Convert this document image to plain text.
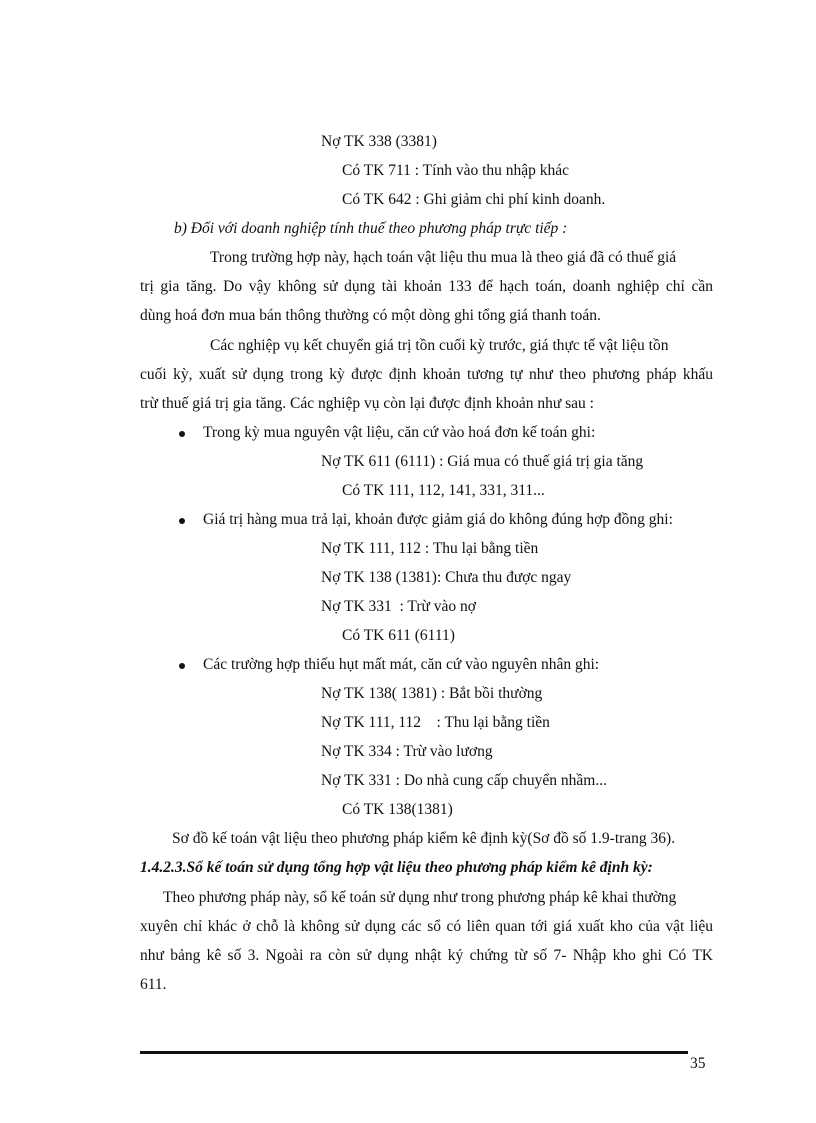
Nợ TK 338 (3381)
Có TK 711 : Tính vào thu nhập khác
Có TK 642 : Ghi giảm chi phí kinh doanh.
b) Đối với doanh nghiệp tính thuế theo phương pháp trực tiếp :
Trong trường hợp này, hạch toán vật liệu thu mua là theo giá đã có thuế giá
trị gia tăng. Do vậy không sử dụng tài khoản 133 để hạch toán, doanh nghiệp chỉ cần
dùng hoá đơn mua bán thông thường có một dòng ghi tổng giá thanh toán.
Các nghiệp vụ kết chuyển giá trị tồn cuối kỳ trước, giá thực tế vật liệu tồn
cuối kỳ, xuất sử dụng trong kỳ được định khoản tương tự như theo phương pháp khấu
trừ thuế giá trị gia tăng. Các nghiệp vụ còn lại được định khoản như sau :
Trong kỳ mua nguyên vật liệu, căn cứ vào hoá đơn kế toán ghi:
Nợ TK 611 (6111) : Giá mua có thuế giá trị gia tăng
Có TK 111, 112, 141, 331, 311...
Giá trị hàng mua trả lại, khoản được giảm giá do không đúng hợp đồng ghi:
Nợ TK 111, 112 : Thu lại bằng tiền
Nợ TK 138 (1381): Chưa thu được ngay
Nợ TK 331  : Trừ vào nợ
Có TK 611 (6111)
Các trường hợp thiếu hụt mất mát, căn cứ vào nguyên nhân ghi:
Nợ TK 138( 1381) : Bắt bồi thường
Nợ TK 111, 112    : Thu lại bằng tiền
Nợ TK 334 : Trừ vào lương
Nợ TK 331 : Do nhà cung cấp chuyển nhầm...
Có TK 138(1381)
Sơ đồ kế toán vật liệu theo phương pháp kiểm kê định kỳ(Sơ đồ số 1.9-trang 36).
1.4.2.3.Sổ kế toán sử dụng tổng hợp vật liệu theo phương pháp kiểm kê định kỳ:
Theo phương pháp này, sổ kế toán sử dụng như trong phương pháp kê khai thường
xuyên chỉ khác ở chỗ là không sử dụng các sổ có liên quan tới giá xuất kho của vật liệu
như bảng kê số 3. Ngoài ra còn sử dụng nhật ký chứng từ số 7- Nhập kho ghi Có TK
611.
35
